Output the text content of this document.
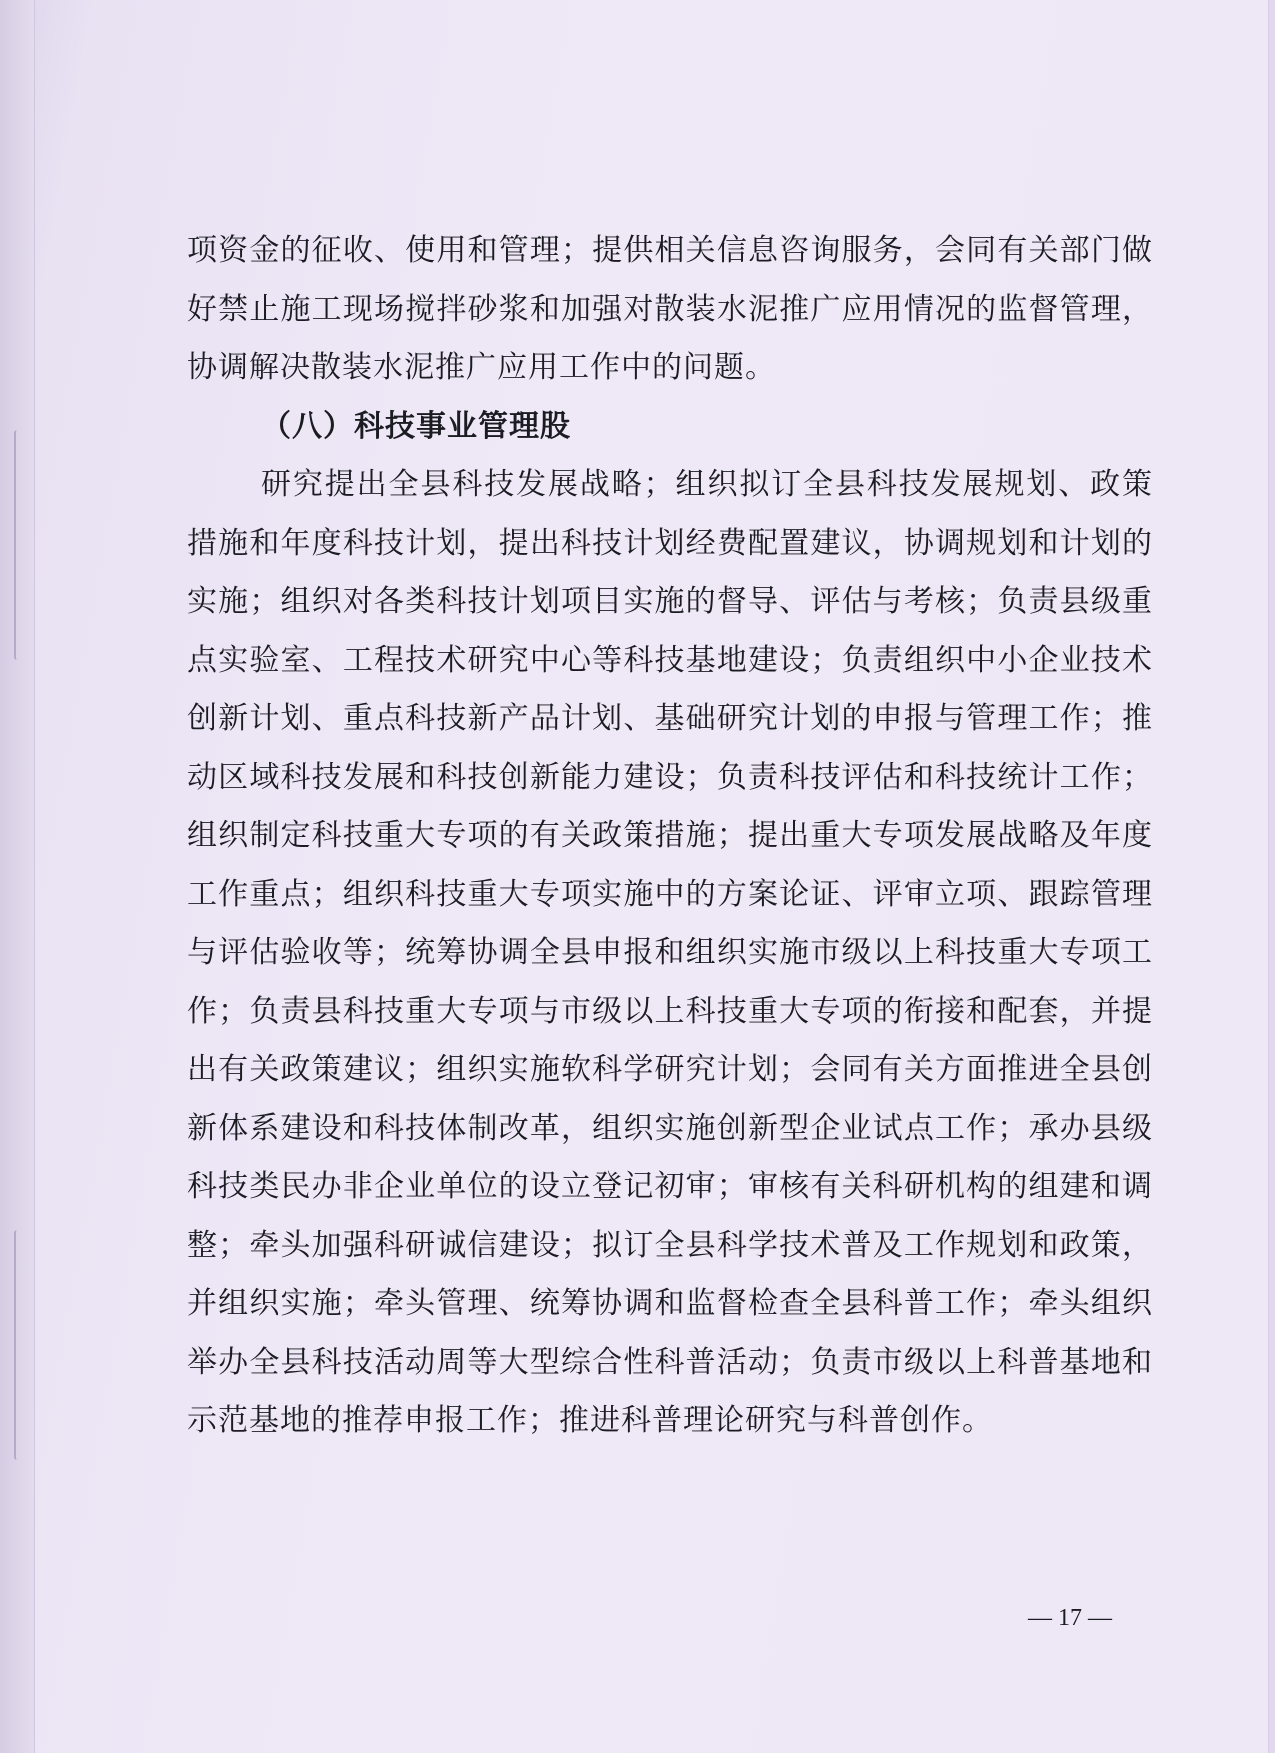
项资金的征收、使用和管理；提供相关信息咨询服务，会同有关部门做好禁止施工现场搅拌砂浆和加强对散装水泥推广应用情况的监督管理，协调解决散装水泥推广应用工作中的问题。

（八）科技事业管理股

研究提出全县科技发展战略；组织拟订全县科技发展规划、政策措施和年度科技计划，提出科技计划经费配置建议，协调规划和计划的实施；组织对各类科技计划项目实施的督导、评估与考核；负责县级重点实验室、工程技术研究中心等科技基地建设；负责组织中小企业技术创新计划、重点科技新产品计划、基础研究计划的申报与管理工作；推动区域科技发展和科技创新能力建设；负责科技评估和科技统计工作；组织制定科技重大专项的有关政策措施；提出重大专项发展战略及年度工作重点；组织科技重大专项实施中的方案论证、评审立项、跟踪管理与评估验收等；统筹协调全县申报和组织实施市级以上科技重大专项工作；负责县科技重大专项与市级以上科技重大专项的衔接和配套，并提出有关政策建议；组织实施软科学研究计划；会同有关方面推进全县创新体系建设和科技体制改革，组织实施创新型企业试点工作；承办县级科技类民办非企业单位的设立登记初审；审核有关科研机构的组建和调整；牵头加强科研诚信建设；拟订全县科学技术普及工作规划和政策，并组织实施；牵头管理、统筹协调和监督检查全县科普工作；牵头组织举办全县科技活动周等大型综合性科普活动；负责市级以上科普基地和示范基地的推荐申报工作；推进科普理论研究与科普创作。

— 17 —
